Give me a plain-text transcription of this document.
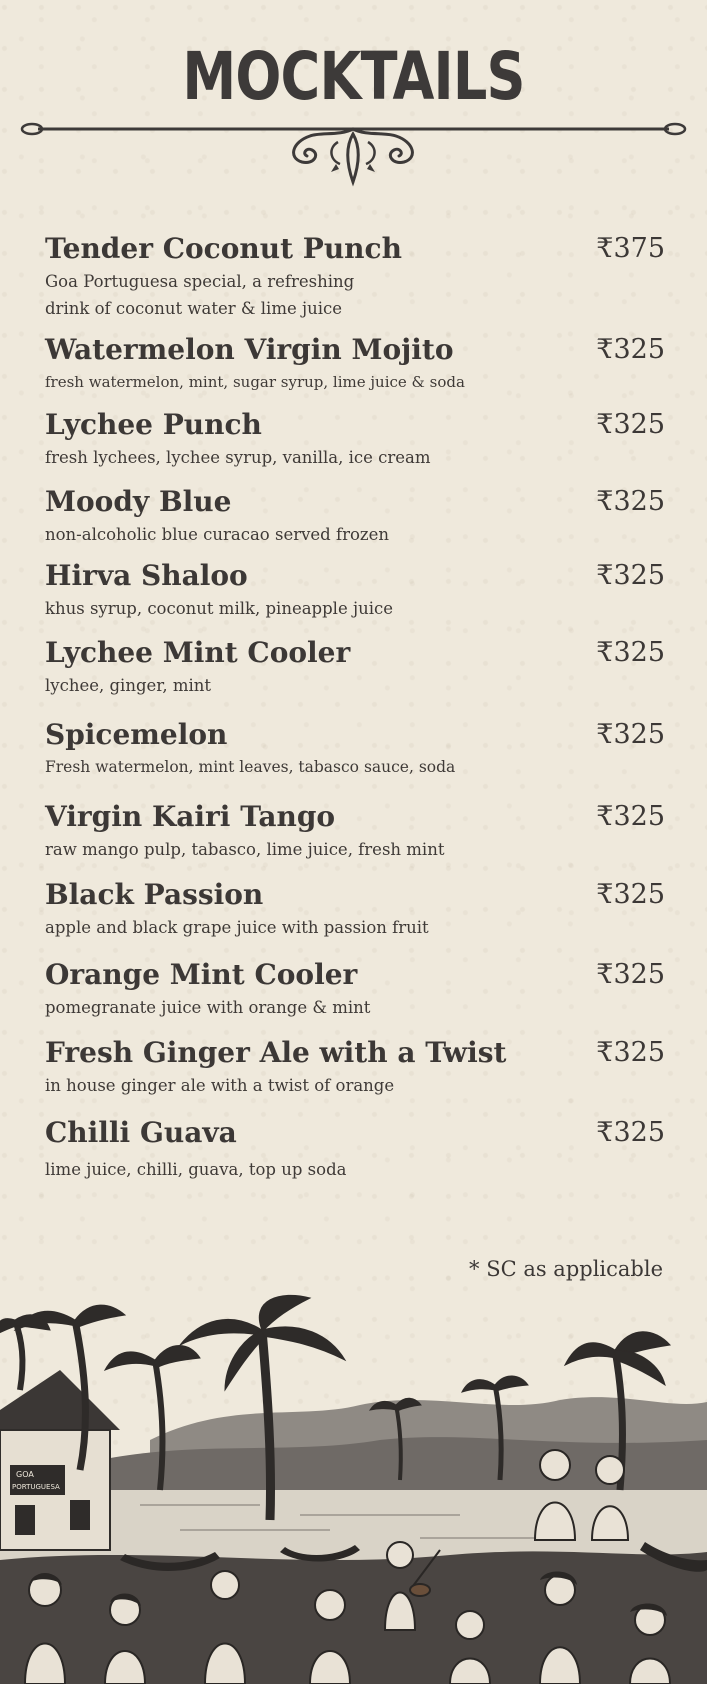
MOCKTAILS
Tender Coconut Punch	₹375
Goa Portuguesa special, a refreshing drink of coconut water & lime juice
Watermelon Virgin Mojito	₹325
fresh watermelon, mint, sugar syrup, lime juice & soda
Lychee Punch	₹325
fresh lychees, lychee syrup, vanilla, ice cream
Moody Blue	₹325
non-alcoholic blue curacao served frozen
Hirva Shaloo	₹325
khus syrup, coconut milk, pineapple juice
Lychee Mint Cooler	₹325
lychee, ginger, mint
Spicemelon	₹325
Fresh watermelon, mint leaves, tabasco sauce, soda
Virgin Kairi Tango	₹325
raw mango pulp, tabasco, lime juice, fresh mint
Black Passion	₹325
apple and black grape juice with passion fruit
Orange Mint Cooler	₹325
pomegranate juice with orange & mint
Fresh Ginger Ale with a Twist	₹325
in house ginger ale with a twist of orange
Chilli Guava	₹325
lime juice, chilli, guava, top up soda
* SC as applicable
GOA
PORTUGUESA
